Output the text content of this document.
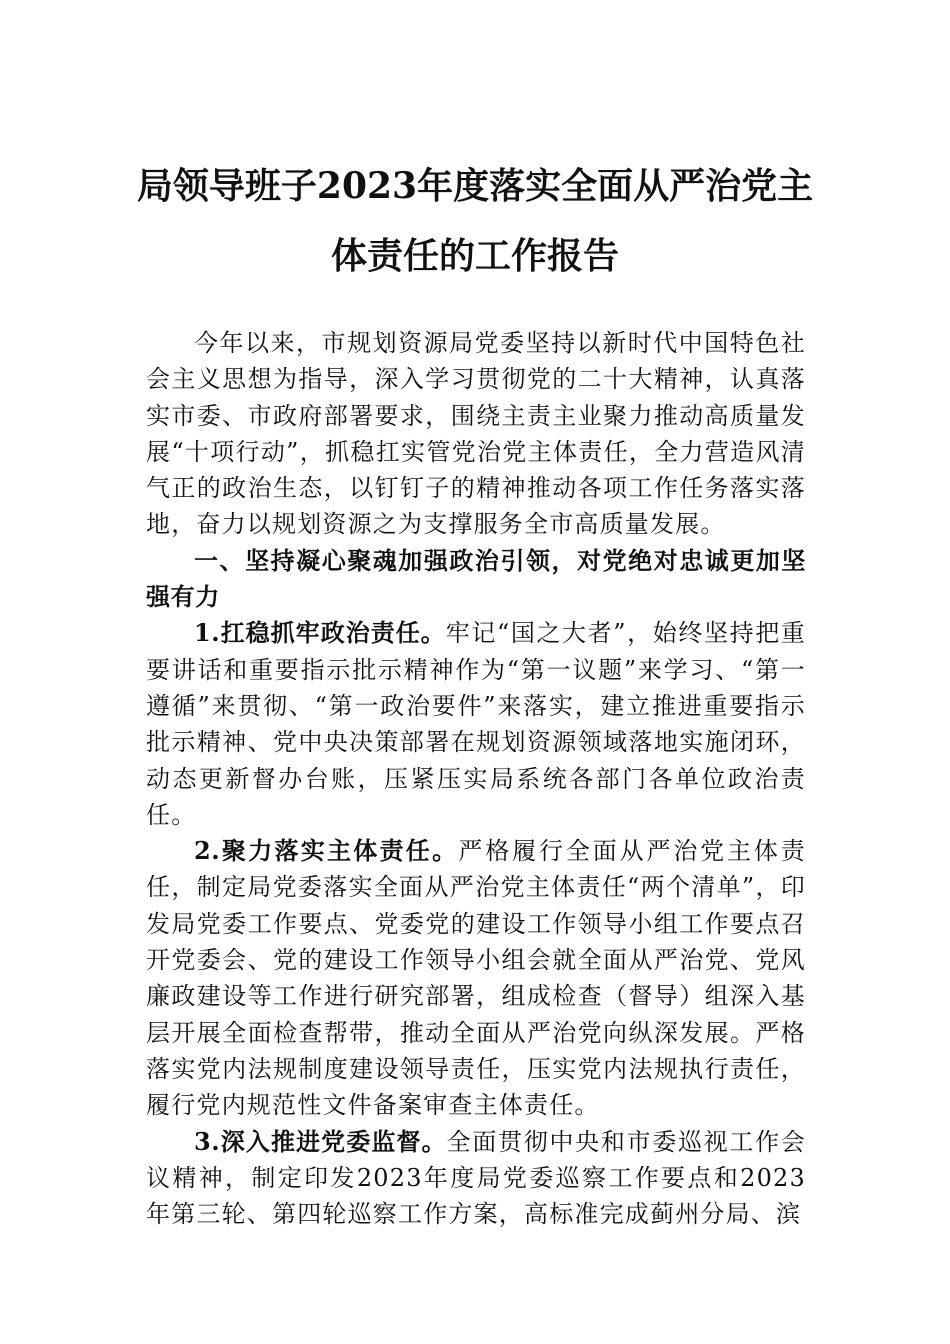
局领导班子2023年度落实全面从严治党主
体责任的工作报告

今年以来，市规划资源局党委坚持以新时代中国特色社会主义思想为指导，深入学习贯彻党的二十大精神，认真落实市委、市政府部署要求，围绕主责主业聚力推动高质量发展“十项行动”，抓稳扛实管党治党主体责任，全力营造风清气正的政治生态，以钉钉子的精神推动各项工作任务落实落地，奋力以规划资源之为支撑服务全市高质量发展。

一、坚持凝心聚魂加强政治引领，对党绝对忠诚更加坚强有力

1.扛稳抓牢政治责任。牢记“国之大者”，始终坚持把重要讲话和重要指示批示精神作为“第一议题”来学习、“第一遵循”来贯彻、“第一政治要件”来落实，建立推进重要指示批示精神、党中央决策部署在规划资源领域落地实施闭环，动态更新督办台账，压紧压实局系统各部门各单位政治责任。

2.聚力落实主体责任。严格履行全面从严治党主体责任，制定局党委落实全面从严治党主体责任“两个清单”，印发局党委工作要点、党委党的建设工作领导小组工作要点召开党委会、党的建设工作领导小组会就全面从严治党、党风廉政建设等工作进行研究部署，组成检查（督导）组深入基层开展全面检查帮带，推动全面从严治党向纵深发展。严格落实党内法规制度建设领导责任，压实党内法规执行责任，履行党内规范性文件备案审查主体责任。

3.深入推进党委监督。全面贯彻中央和市委巡视工作会议精神，制定印发2023年度局党委巡察工作要点和2023年第三轮、第四轮巡察工作方案，高标准完成蓟州分局、滨
